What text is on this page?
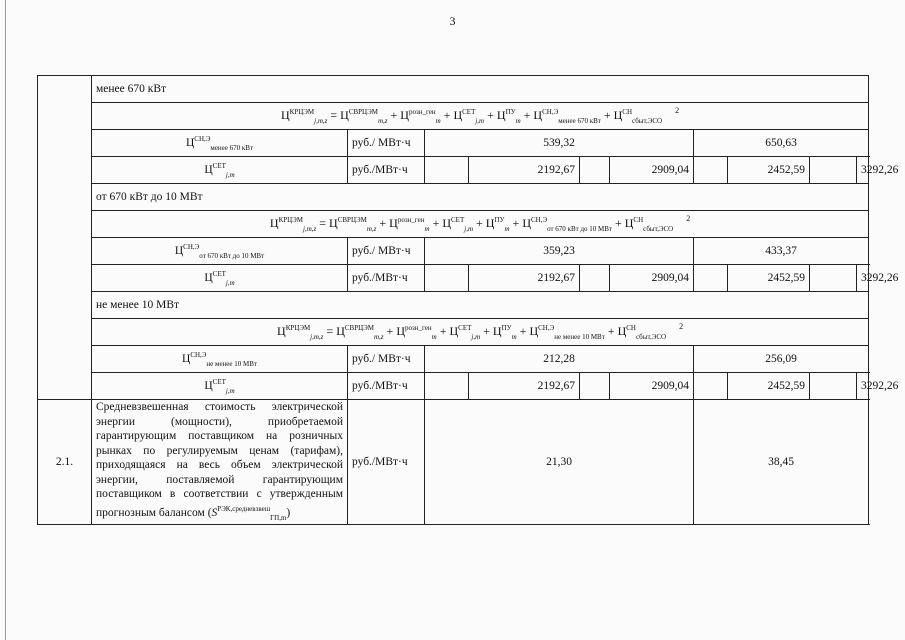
3
	менее 670 кВт									
	$Ц^{КРЦЭМ}_{j,m,z} = Ц^{СВРЦЭМ}_{m,z} + Ц^{розн\_ген}_m + Ц^{СЕТ}_{j,m} + Ц^{ПУ}_m + Ц^{СН,Э}_{менее 670 кВт} + Ц^{СН}_{сбыт,ЭСО}$ $^2$
	$Ц^{СН,Э}_{менее 670 кВт}$	руб./ МВт·ч	539,32				650,63			
	$Ц^{СЕТ}_{j,m}$	руб./МВт·ч		2192,67		2909,04		2452,59		3292,26
	от 670 кВт до 10 МВт									
	$Ц^{КРЦЭМ}_{j,m,z} = Ц^{СВРЦЭМ}_{m,z} + Ц^{розн\_ген}_m + Ц^{СЕТ}_{j,m} + Ц^{ПУ}_m + Ц^{СН,Э}_{от 670 кВт до 10 МВт} + Ц^{СН}_{сбыт,ЭСО}$ $^2$
	$Ц^{СН,Э}_{от 670 кВт до 10 МВт}$	руб./ МВт·ч	359,23				433,37			
	$Ц^{СЕТ}_{j,m}$	руб./МВт·ч		2192,67		2909,04		2452,59		3292,26
	не менее 10 МВт									
	$Ц^{КРЦЭМ}_{j,m,z} = Ц^{СВРЦЭМ}_{m,z} + Ц^{розн\_ген}_m + Ц^{СЕТ}_{j,m} + Ц^{ПУ}_m + Ц^{СН,Э}_{не менее 10 МВт} + Ц^{СН}_{сбыт,ЭСО}$ $^2$
	$Ц^{СН,Э}_{не менее 10 МВт}$	руб./ МВт·ч	212,28				256,09			
	$Ц^{СЕТ}_{j,m}$	руб./МВт·ч		2192,67		2909,04		2452,59		3292,26
2.1.	Средневзвешенная стоимость электрической энергии (мощности), приобретаемой гарантирующим поставщиком на розничных рынках по регулируемым ценам (тарифам), приходящаяся на весь объем электрической энергии, поставляемой гарантирующим поставщиком в соответствии с утвержденным прогнозным балансом $(S^{РЭК,средневзвеш}_{ГП,m})$	руб./МВт·ч	21,30				38,45			
